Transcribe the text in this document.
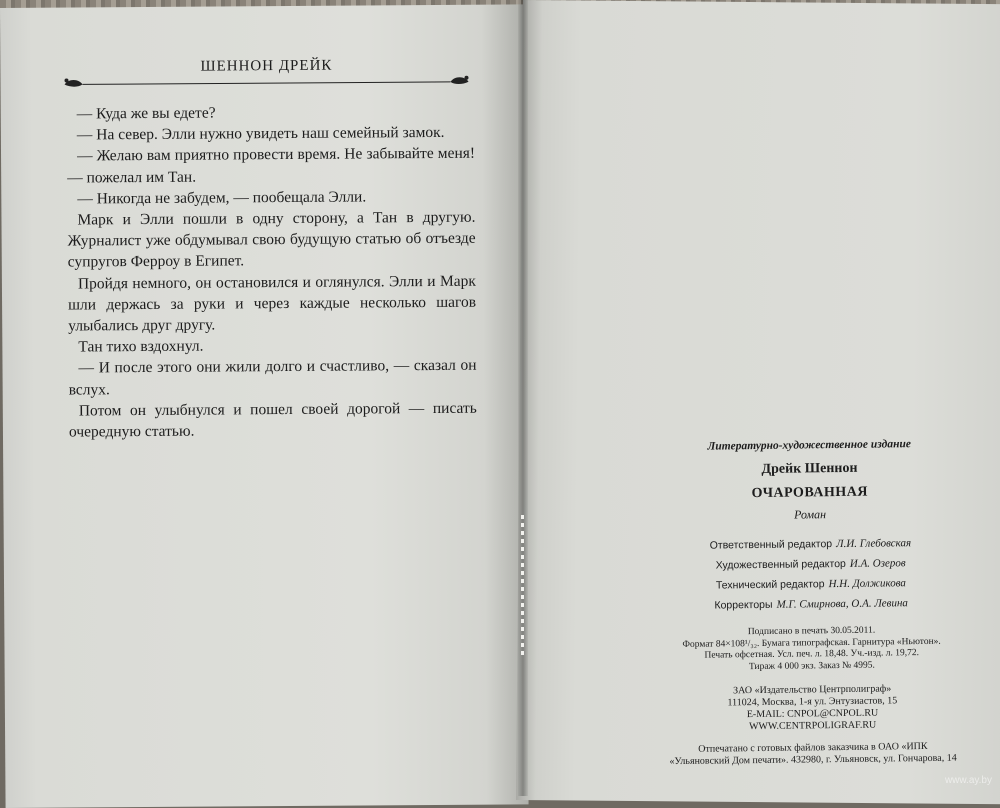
ШЕННОН ДРЕЙК

— Куда же вы едете?

— На север. Элли нужно увидеть наш семейный замок.

— Желаю вам приятно провести время. Не забывайте меня! — пожелал им Тан.

— Никогда не забудем, — пообещала Элли.

Марк и Элли пошли в одну сторону, а Тан в другую. Журналист уже обдумывал свою будущую статью об отъезде супругов Ферроу в Египет.

Пройдя немного, он остановился и оглянулся. Элли и Марк шли держась за руки и через каждые несколько шагов улыбались друг другу.

Тан тихо вздохнул.

— И после этого они жили долго и счастливо, — сказал он вслух.

Потом он улыбнулся и пошел своей дорогой — писать очередную статью.

Литературно-художественное издание
Дрейк Шеннон
ОЧАРОВАННАЯ
Роман
Ответственный редактор Л.И. Глебовская
Художественный редактор И.А. Озеров
Технический редактор Н.Н. Должикова
Корректоры М.Г. Смирнова, О.А. Левина
Подписано в печать 30.05.2011.
Формат 84×108¹/₃₂. Бумага типографская. Гарнитура «Ньютон».
Печать офсетная. Усл. печ. л. 18,48. Уч.-изд. л. 19,72.
Тираж 4 000 экз. Заказ № 4995.
ЗАО «Издательство Центрполиграф»
111024, Москва, 1-я ул. Энтузиастов, 15
E-MAIL: CNPOL@CNPOL.RU
WWW.CENTRPOLIGRAF.RU
Отпечатано с готовых файлов заказчика в ОАО «ИПК
«Ульяновский Дом печати». 432980, г. Ульяновск, ул. Гончарова, 14
www.ay.by
